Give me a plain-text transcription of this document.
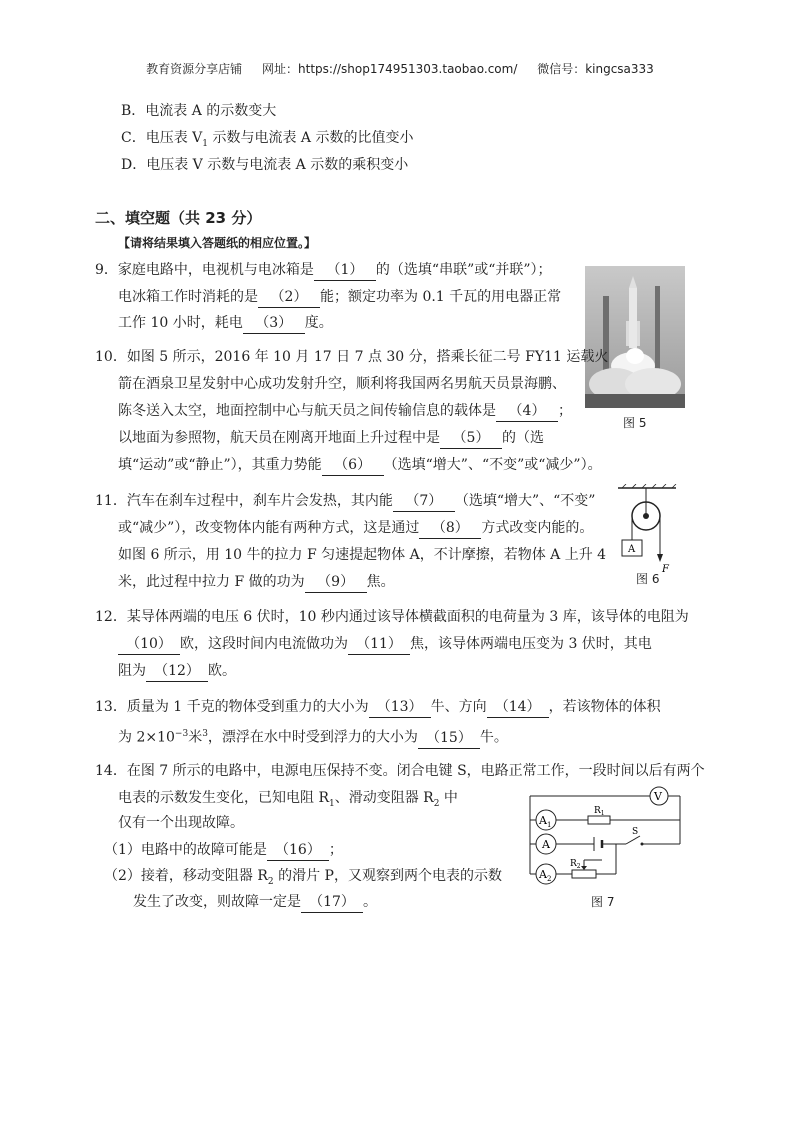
教育资源分享店铺 网址：https://shop174951303.taobao.com/ 微信号：kingcsa333
B．电流表 A 的示数变大
C．电压表 $V_1$ 示数与电流表 A 示数的比值变小
D．电压表 V 示数与电流表 A 示数的乘积变小
二、填空题（共 23 分）
【请将结果填入答题纸的相应位置。】
9．家庭电路中，电视机与电冰箱是 （1） 的（选填“串联”或“并联”）；
电冰箱工作时消耗的是 （2） 能；额定功率为 0.1 千瓦的用电器正常
工作 10 小时，耗电 （3） 度。
图 5
10．如图 5 所示，2016 年 10 月 17 日 7 点 30 分，搭乘长征二号 FY11 运载火
箭在酒泉卫星发射中心成功发射升空，顺利将我国两名男航天员景海鹏、
陈冬送入太空，地面控制中心与航天员之间传输信息的载体是 （4） ；
以地面为参照物，航天员在刚离开地面上升过程中是 （5） 的（选
填“运动”或“静止”），其重力势能 （6） （选填“增大”、“不变”或“减少”）。
11．汽车在刹车过程中，刹车片会发热，其内能 （7） （选填“增大”、“不变”
或“减少”），改变物体内能有两种方式，这是通过 （8） 方式改变内能的。
如图 6 所示，用 10 牛的拉力 F 匀速提起物体 A，不计摩擦，若物体 A 上升 4
米，此过程中拉力 F 做的功为 （9） 焦。
A
F
图 6
12．某导体两端的电压 6 伏时，10 秒内通过该导体横截面积的电荷量为 3 库，该导体的电阻为
（10） 欧，这段时间内电流做功为 （11） 焦，该导体两端电压变为 3 伏时，其电
阻为 （12） 欧。
13．质量为 1 千克的物体受到重力的大小为 （13） 牛、方向 （14） ，若该物体的体积
为 $2\times 10^{-3}$米$^3$，漂浮在水中时受到浮力的大小为 （15） 牛。
14．在图 7 所示的电路中，电源电压保持不变。闭合电键 S，电路正常工作，一段时间以后有两个
电表的示数发生变化，已知电阻 $R_1$、滑动变阻器 $R_2$ 中
仅有一个出现故障。
（1）电路中的故障可能是 （16） ；
（2）接着，移动变阻器 $R_2$ 的滑片 P，又观察到两个电表的示数
发生了改变，则故障一定是 （17） 。
V
$A_1$
A
$A_2$
$R_1$
$R_2$
S
图 7
